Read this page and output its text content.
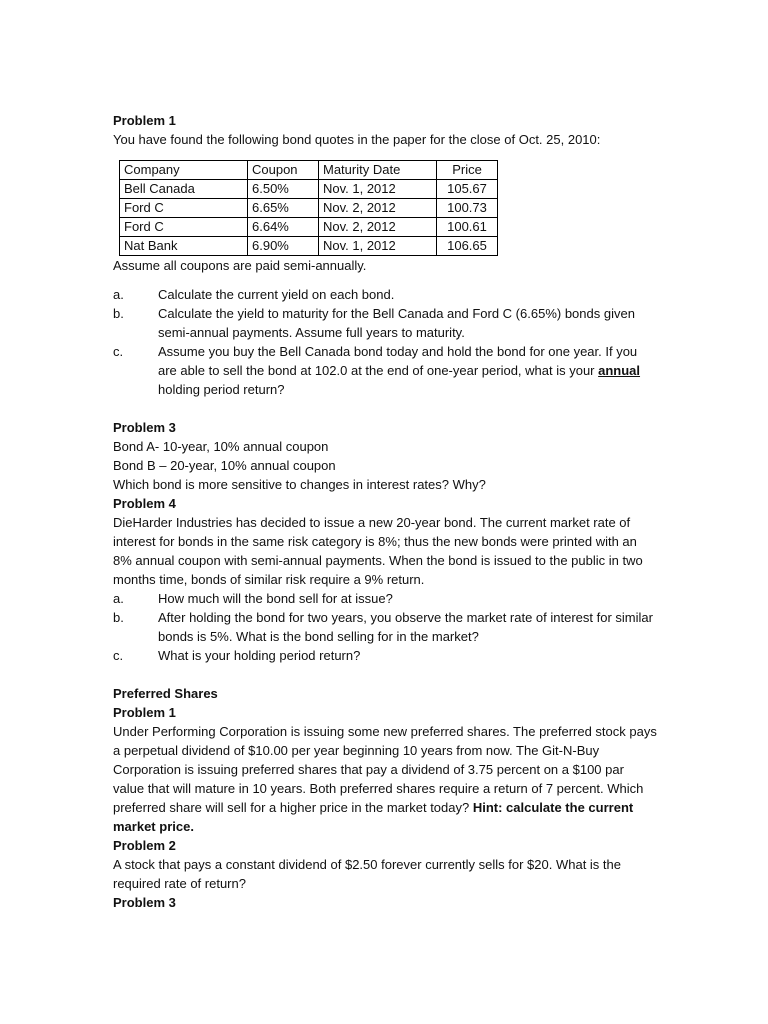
Problem 1
You have found the following bond quotes in the paper for the close of Oct. 25, 2010:
Company	Coupon	Maturity Date	Price
Bell Canada	6.50%	Nov. 1, 2012	105.67
Ford C	6.65%	Nov. 2, 2012	100.73
Ford C	6.64%	Nov. 2, 2012	100.61
Nat Bank	6.90%	Nov. 1, 2012	106.65
Assume all coupons are paid semi-annually.
a.	Calculate the current yield on each bond.
b.	Calculate the yield to maturity for the Bell Canada and Ford C (6.65%) bonds given semi-annual payments. Assume full years to maturity.
c.	Assume you buy the Bell Canada bond today and hold the bond for one year. If you are able to sell the bond at 102.0 at the end of one-year period, what is your annual holding period return?
Problem 3
Bond A- 10-year, 10% annual coupon
Bond B – 20-year, 10% annual coupon
Which bond is more sensitive to changes in interest rates? Why?
Problem 4
DieHarder Industries has decided to issue a new 20-year bond. The current market rate of interest for bonds in the same risk category is 8%; thus the new bonds were printed with an 8% annual coupon with semi-annual payments. When the bond is issued to the public in two months time, bonds of similar risk require a 9% return.
a.	How much will the bond sell for at issue?
b.	After holding the bond for two years, you observe the market rate of interest for similar bonds is 5%. What is the bond selling for in the market?
c.	What is your holding period return?
Preferred Shares
Problem 1
Under Performing Corporation is issuing some new preferred shares. The preferred stock pays a perpetual dividend of $10.00 per year beginning 10 years from now. The Git-N-Buy Corporation is issuing preferred shares that pay a dividend of 3.75 percent on a $100 par value that will mature in 10 years. Both preferred shares require a return of 7 percent. Which preferred share will sell for a higher price in the market today? Hint: calculate the current market price.
Problem 2
A stock that pays a constant dividend of $2.50 forever currently sells for $20. What is the required rate of return?
Problem 3
